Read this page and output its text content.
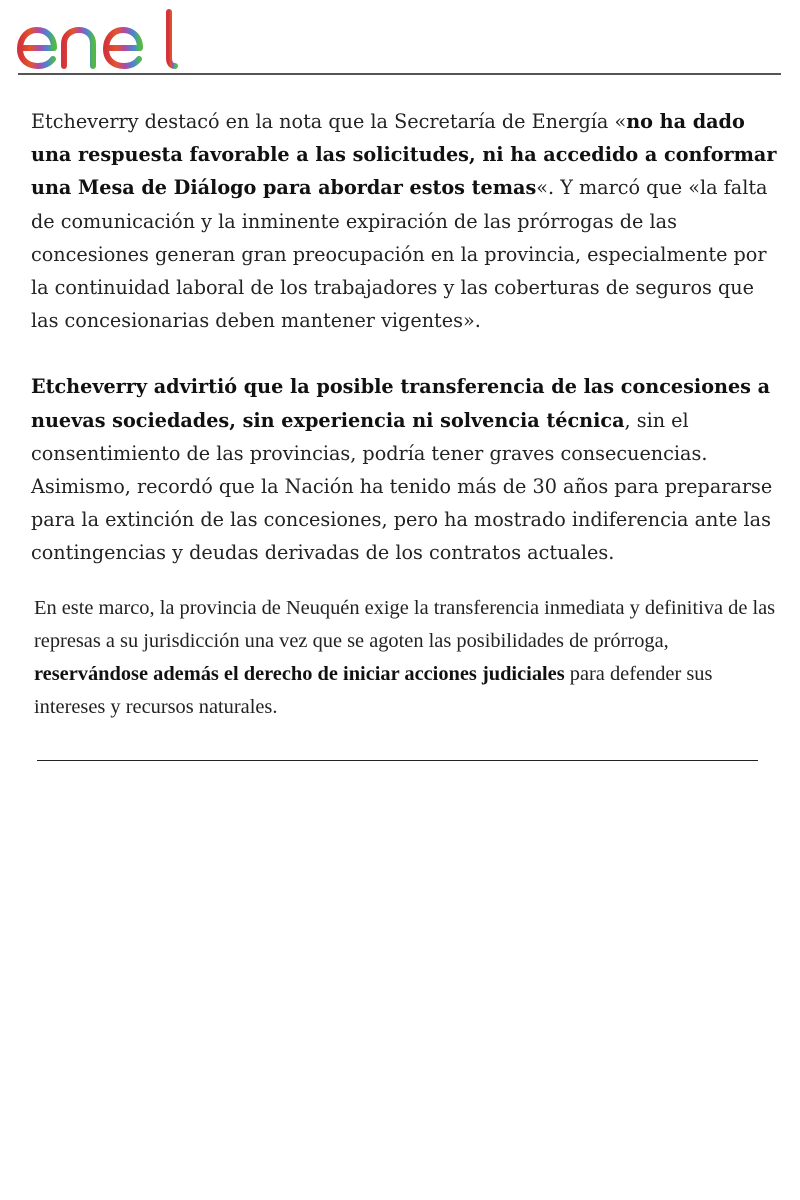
Etcheverry destacó en la nota que la Secretaría de Energía «no ha dado una respuesta favorable a las solicitudes, ni ha accedido a conformar una Mesa de Diálogo para abordar estos temas«. Y marcó que «la falta de comunicación y la inminente expiración de las prórrogas de las concesiones generan gran preocupación en la provincia, especialmente por la continuidad laboral de los trabajadores y las coberturas de seguros que las concesionarias deben mantener vigentes».

Etcheverry advirtió que la posible transferencia de las concesiones a nuevas sociedades, sin experiencia ni solvencia técnica, sin el consentimiento de las provincias, podría tener graves consecuencias. Asimismo, recordó que la Nación ha tenido más de 30 años para prepararse para la extinción de las concesiones, pero ha mostrado indiferencia ante las contingencias y deudas derivadas de los contratos actuales.

En este marco, la provincia de Neuquén exige la transferencia inmediata y definitiva de las represas a su jurisdicción una vez que se agoten las posibilidades de prórroga, reservándose además el derecho de iniciar acciones judiciales para defender sus intereses y recursos naturales.
